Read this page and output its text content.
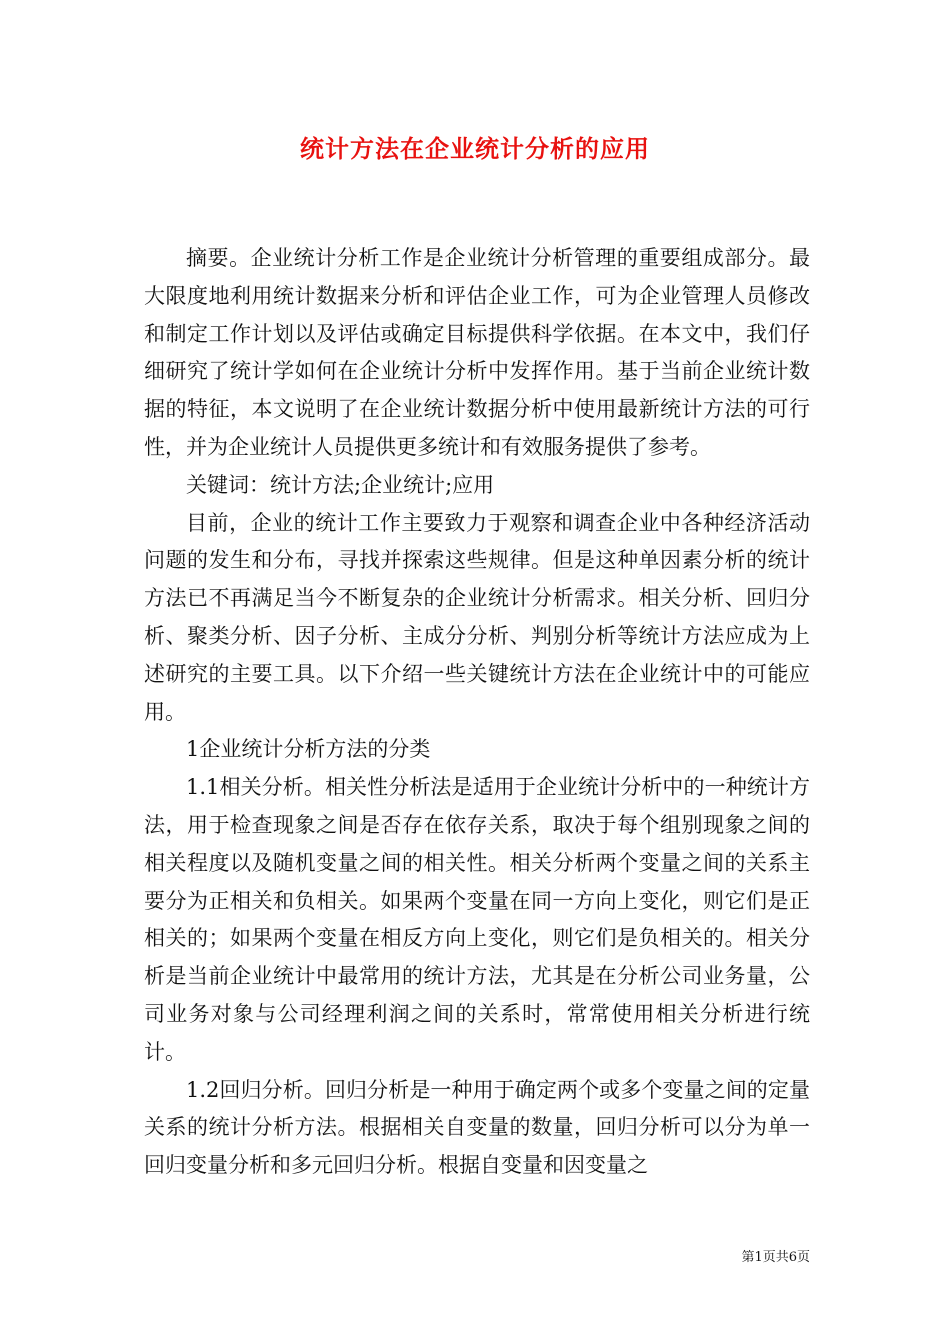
统计方法在企业统计分析的应用

摘要。企业统计分析工作是企业统计分析管理的重要组成部分。最大限度地利用统计数据来分析和评估企业工作，可为企业管理人员修改和制定工作计划以及评估或确定目标提供科学依据。在本文中，我们仔细研究了统计学如何在企业统计分析中发挥作用。基于当前企业统计数据的特征，本文说明了在企业统计数据分析中使用最新统计方法的可行性，并为企业统计人员提供更多统计和有效服务提供了参考。

关键词：统计方法;企业统计;应用

目前，企业的统计工作主要致力于观察和调查企业中各种经济活动问题的发生和分布，寻找并探索这些规律。但是这种单因素分析的统计方法已不再满足当今不断复杂的企业统计分析需求。相关分析、回归分析、聚类分析、因子分析、主成分分析、判别分析等统计方法应成为上述研究的主要工具。以下介绍一些关键统计方法在企业统计中的可能应用。

1企业统计分析方法的分类

1.1相关分析。相关性分析法是适用于企业统计分析中的一种统计方法，用于检查现象之间是否存在依存关系，取决于每个组别现象之间的相关程度以及随机变量之间的相关性。相关分析两个变量之间的关系主要分为正相关和负相关。如果两个变量在同一方向上变化，则它们是正相关的；如果两个变量在相反方向上变化，则它们是负相关的。相关分析是当前企业统计中最常用的统计方法，尤其是在分析公司业务量，公司业务对象与公司经理利润之间的关系时，常常使用相关分析进行统计。

1.2回归分析。回归分析是一种用于确定两个或多个变量之间的定量关系的统计分析方法。根据相关自变量的数量，回归分析可以分为单一回归变量分析和多元回归分析。根据自变量和因变量之

第1页共6页
